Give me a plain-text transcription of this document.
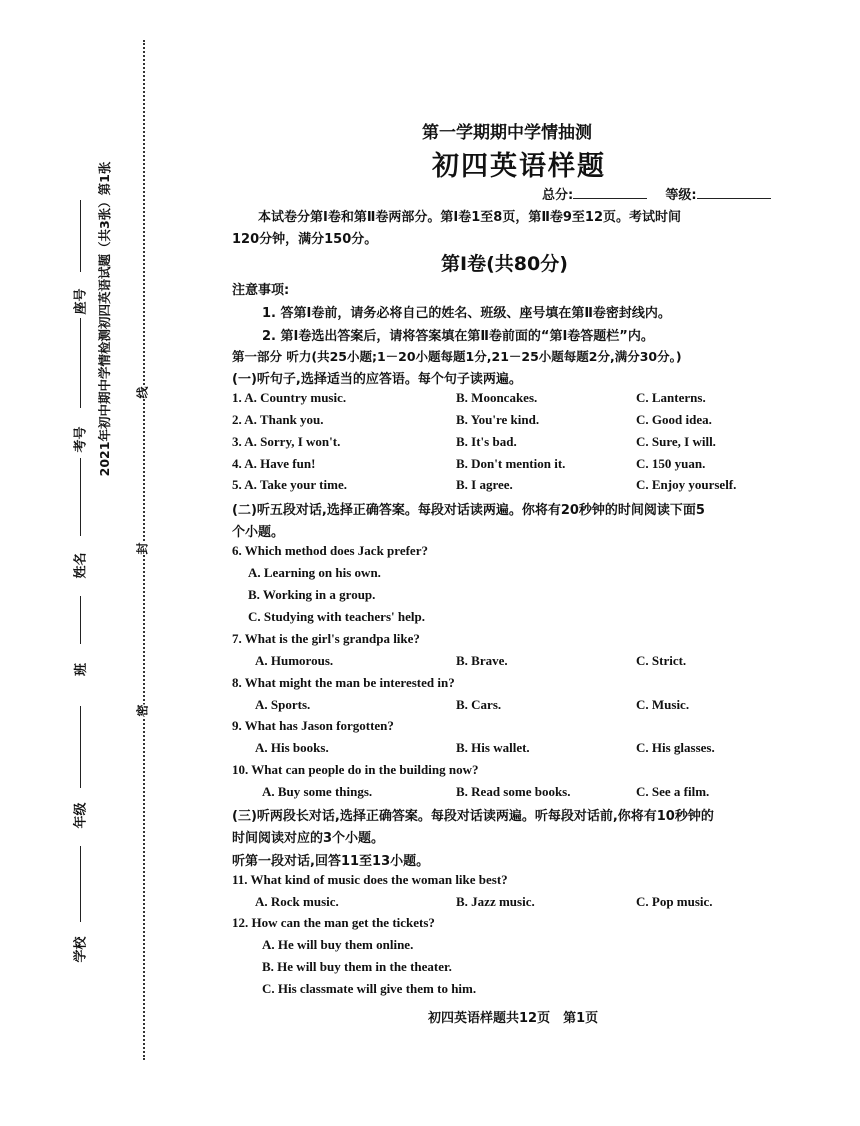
线
封
密
2021年初中期中学情检测初四英语试题（共3张）第1张
座号
考号
姓名
班
年级
学校
第一学期期中学情抽测
初四英语样题
总分:	等级:
本试卷分第Ⅰ卷和第Ⅱ卷两部分。第Ⅰ卷1至8页，第Ⅱ卷9至12页。考试时间
120分钟，满分150分。
第Ⅰ卷(共80分)
注意事项:
1. 答第Ⅰ卷前，请务必将自己的姓名、班级、座号填在第Ⅱ卷密封线内。
2. 第Ⅰ卷选出答案后，请将答案填在第Ⅱ卷前面的“第Ⅰ卷答题栏”内。
第一部分 听力(共25小题;1－20小题每题1分,21－25小题每题2分,满分30分。)
(一)听句子,选择适当的应答语。每个句子读两遍。
1. A. Country music.	B. Mooncakes.	C. Lanterns.
2. A. Thank you.	B. You're kind.	C. Good idea.
3. A. Sorry, I won't.	B. It's bad.	C. Sure, I will.
4. A. Have fun!	B. Don't mention it.	C. 150 yuan.
5. A. Take your time.	B. I agree.	C. Enjoy yourself.
(二)听五段对话,选择正确答案。每段对话读两遍。你将有20秒钟的时间阅读下面5
个小题。
6. Which method does Jack prefer?
A. Learning on his own.
B. Working in a group.
C. Studying with teachers' help.
7. What is the girl's grandpa like?
A. Humorous.	B. Brave.	C. Strict.
8. What might the man be interested in?
A. Sports.	B. Cars.	C. Music.
9. What has Jason forgotten?
A. His books.	B. His wallet.	C. His glasses.
10. What can people do in the building now?
A. Buy some things.	B. Read some books.	C. See a film.
(三)听两段长对话,选择正确答案。每段对话读两遍。听每段对话前,你将有10秒钟的
时间阅读对应的3个小题。
听第一段对话,回答11至13小题。
11. What kind of music does the woman like best?
A. Rock music.	B. Jazz music.	C. Pop music.
12. How can the man get the tickets?
A. He will buy them online.
B. He will buy them in the theater.
C. His classmate will give them to him.
初四英语样题共12页　第1页
